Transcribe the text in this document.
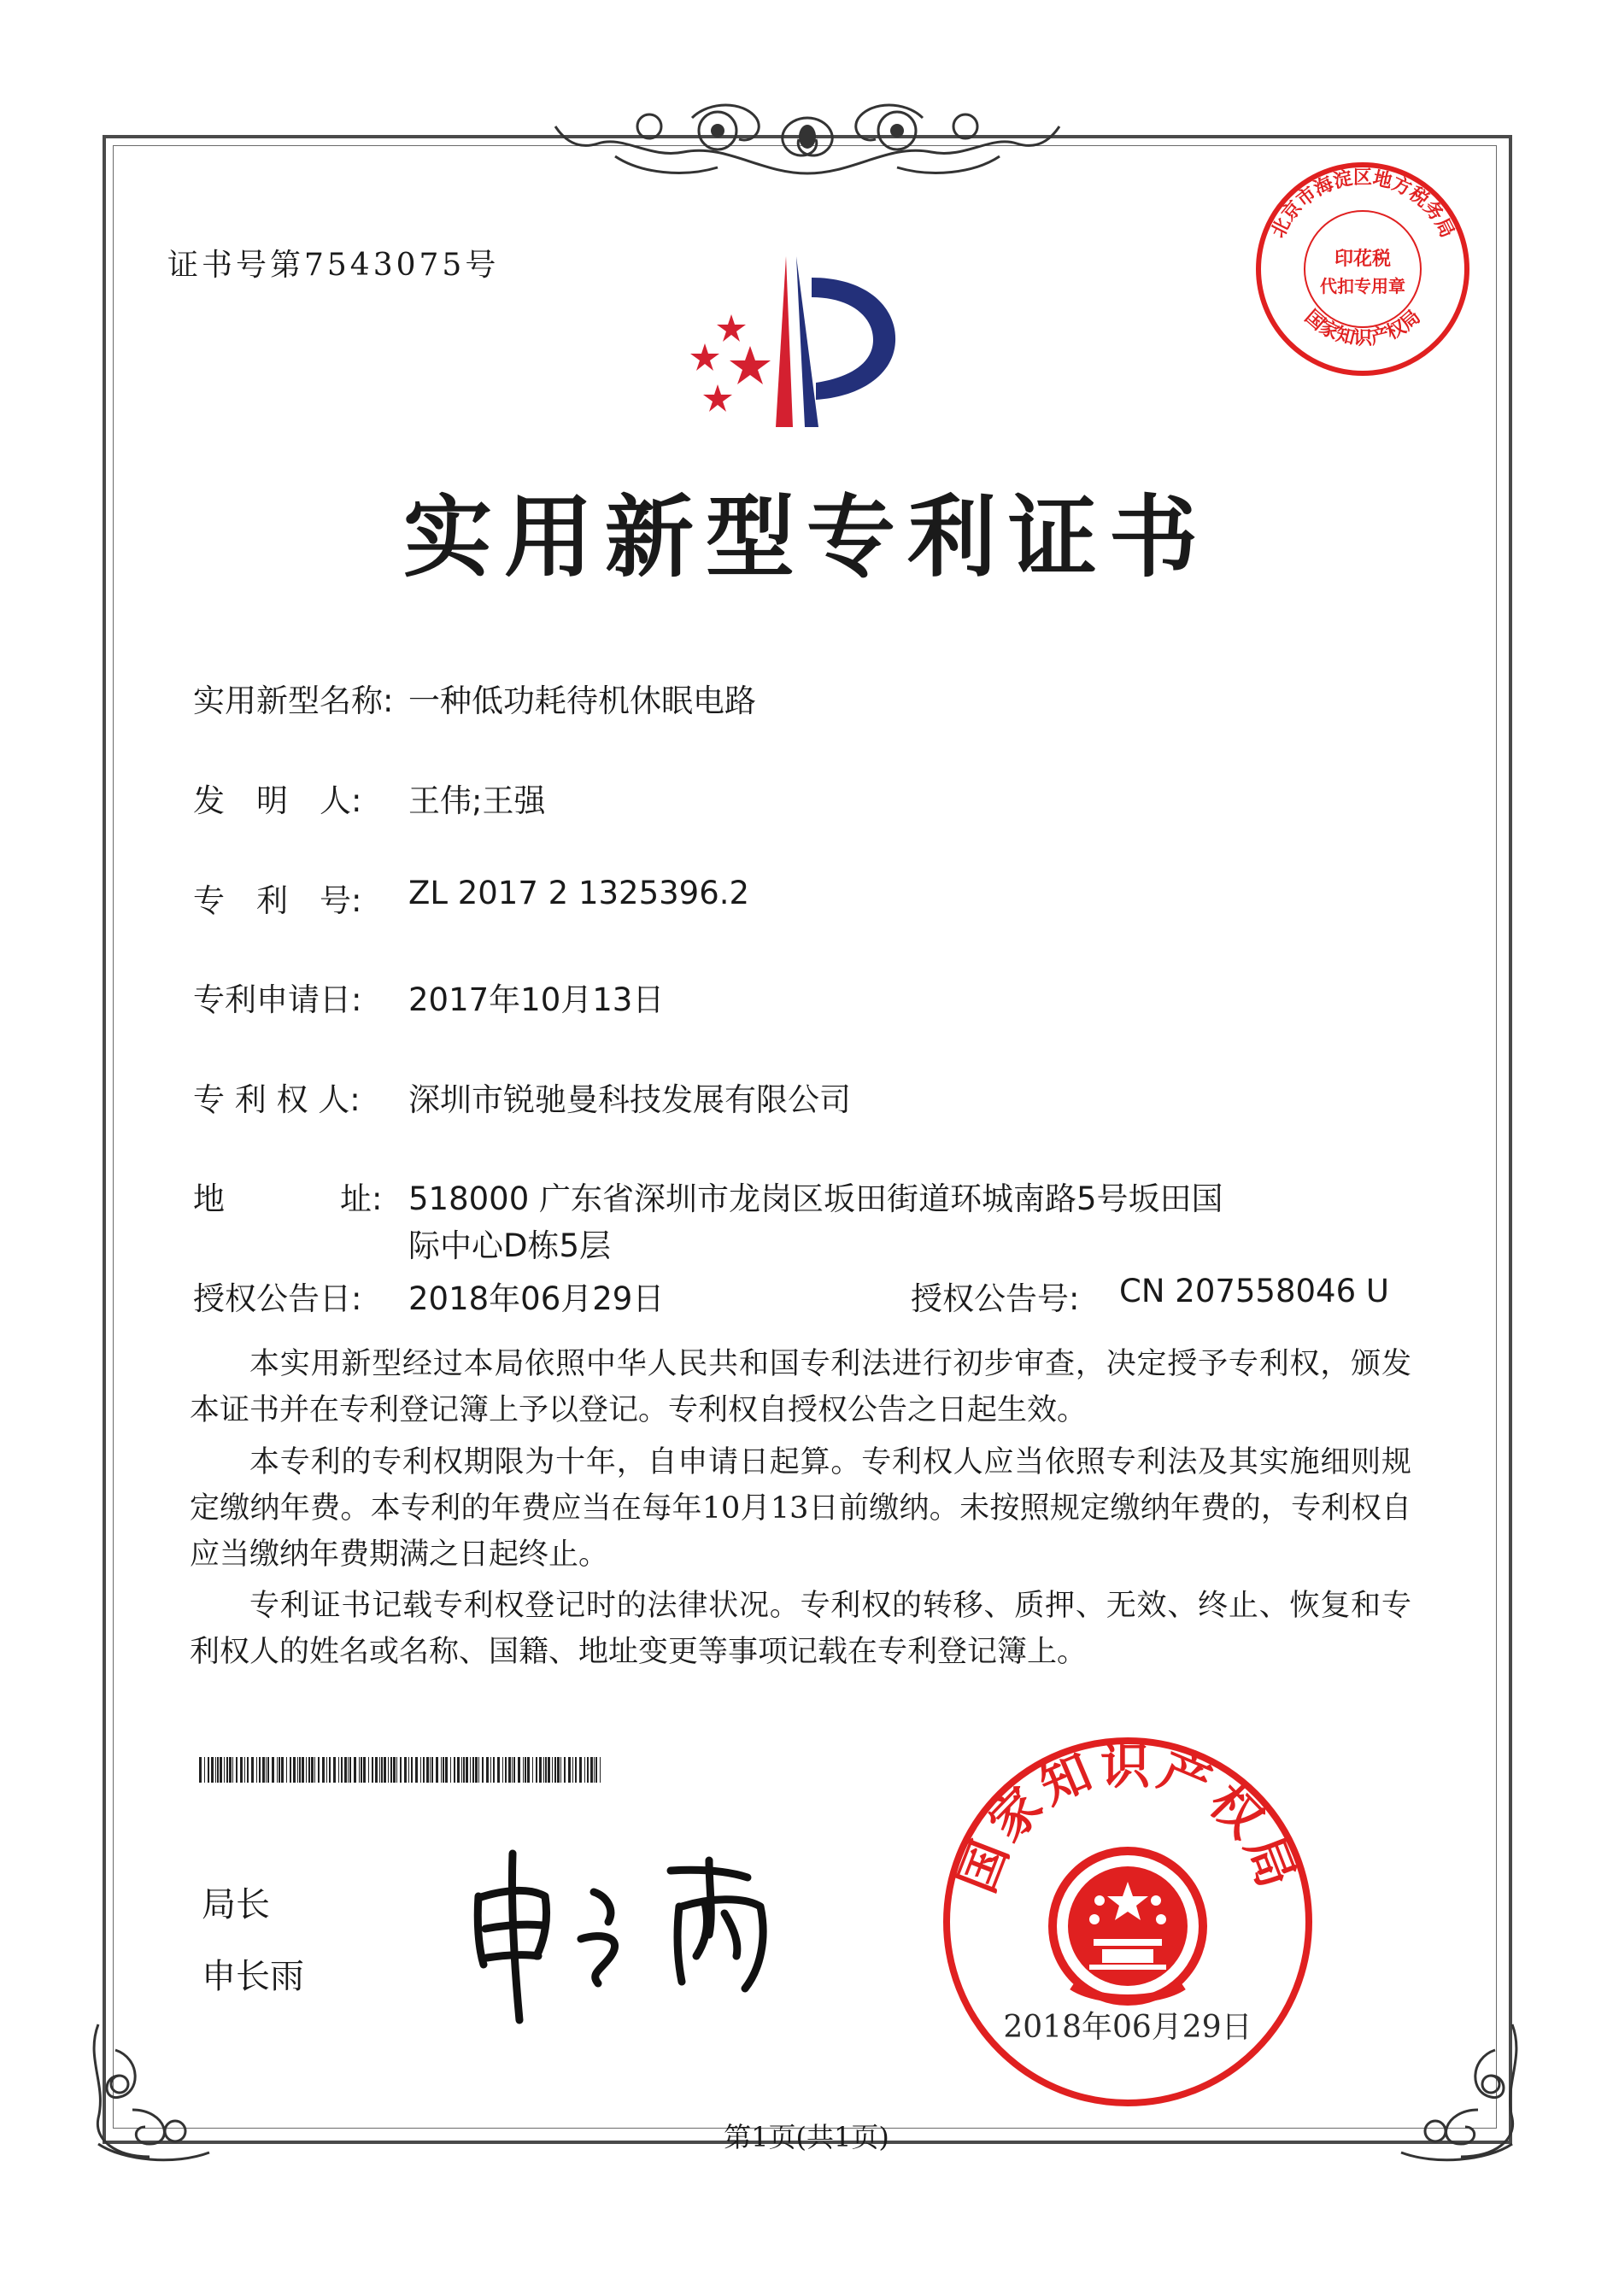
证书号第7543075号
北京市海淀区地方税务局
国家知识产权局
印花税
代扣专用章
实用新型专利证书
实用新型名称: 一种低功耗待机休眠电路
发 明 人: 王伟;王强
专 利 号: ZL 2017 2 1325396.2
专利申请日: 2017年10月13日
专 利 权 人: 深圳市锐驰曼科技发展有限公司
地	址: 518000 广东省深圳市龙岗区坂田街道环城南路5号坂田国
际中心D栋5层
授权公告日: 2018年06月29日	授权公告号: CN 207558046 U
本实用新型经过本局依照中华人民共和国专利法进行初步审查，决定授予专利权，颁发本证书并在专利登记簿上予以登记。专利权自授权公告之日起生效。
本专利的专利权期限为十年，自申请日起算。专利权人应当依照专利法及其实施细则规定缴纳年费。本专利的年费应当在每年10月13日前缴纳。未按照规定缴纳年费的，专利权自应当缴纳年费期满之日起终止。
专利证书记载专利权登记时的法律状况。专利权的转移、质押、无效、终止、恢复和专利权人的姓名或名称、国籍、地址变更等事项记载在专利登记簿上。
局长
申长雨
国家知识产权局
2018年06月29日
第1页(共1页)
